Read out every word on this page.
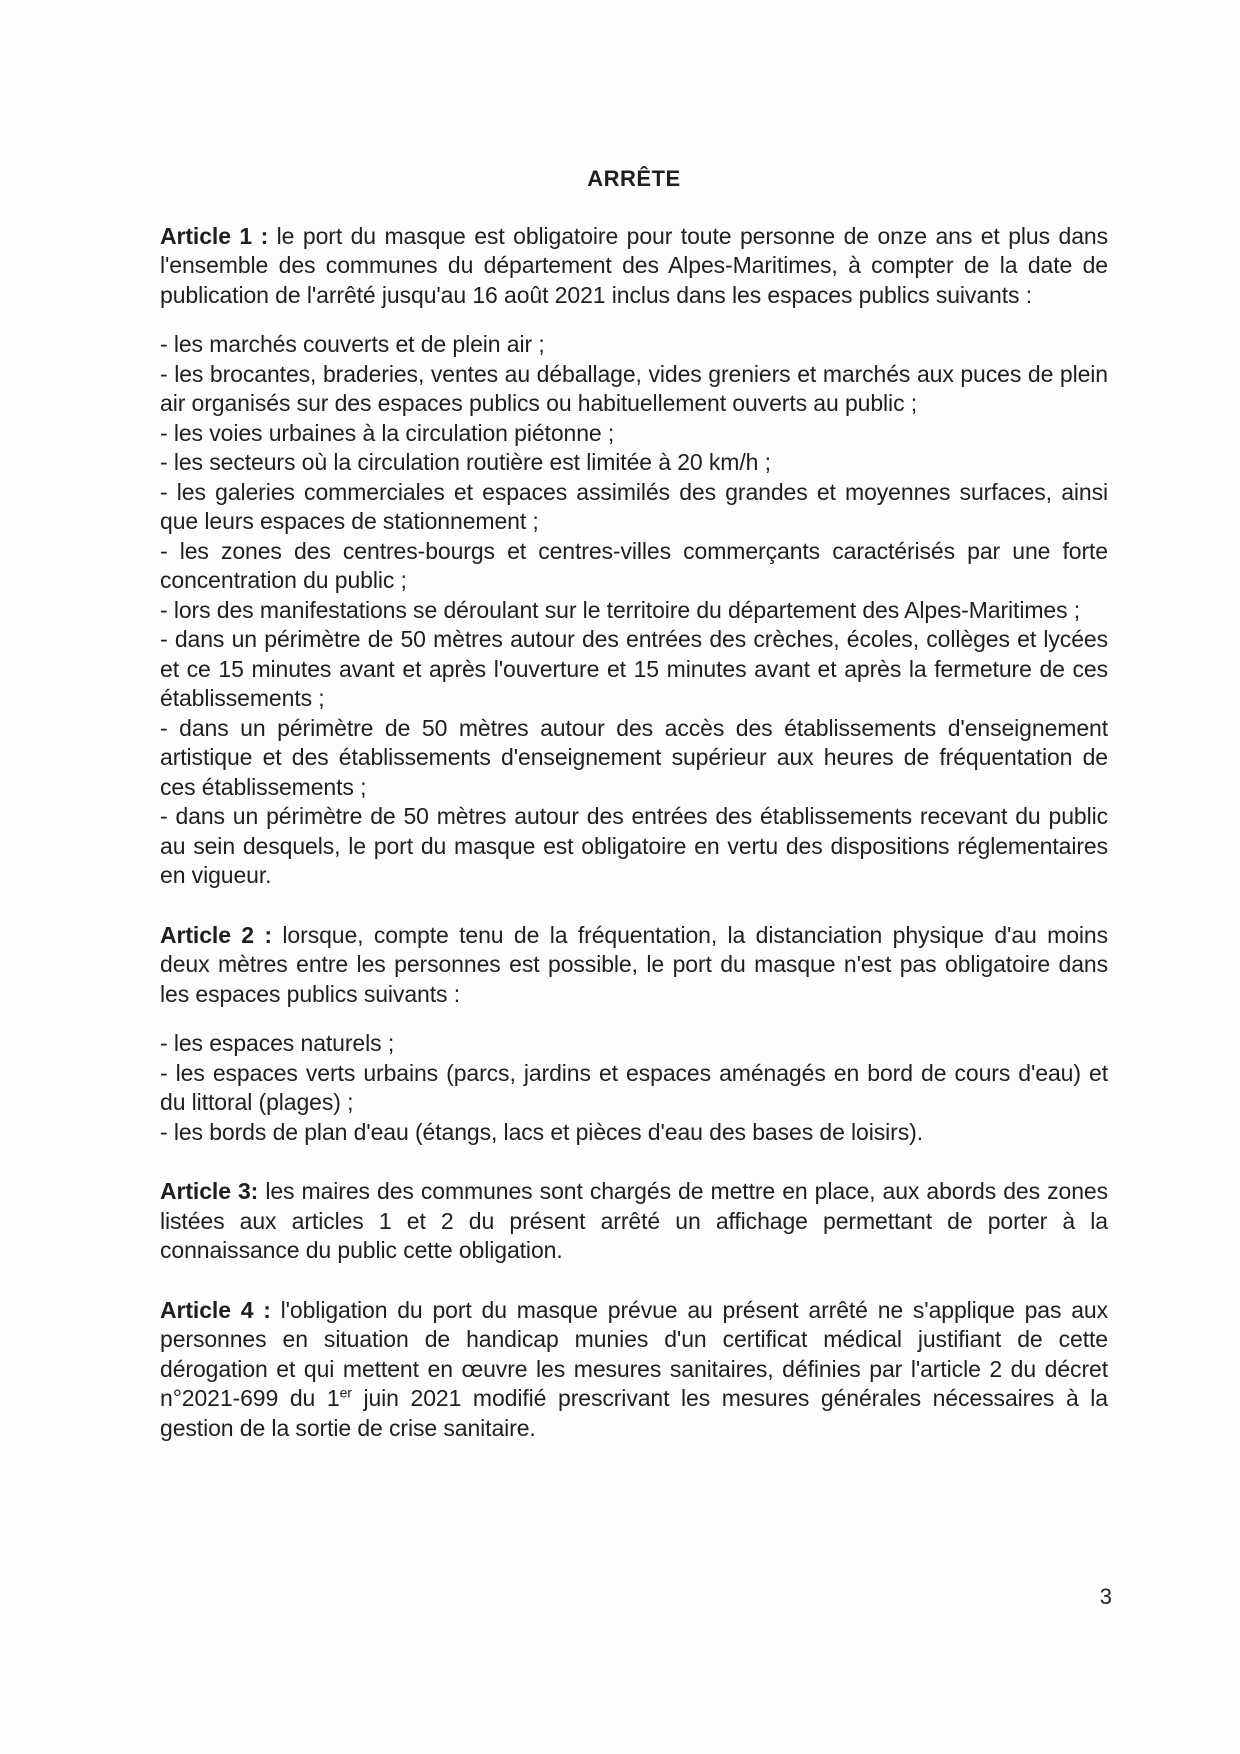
ARRÊTE

Article 1 : le port du masque est obligatoire pour toute personne de onze ans et plus dans l'ensemble des communes du département des Alpes-Maritimes, à compter de la date de publication de l'arrêté jusqu'au 16 août 2021 inclus dans les espaces publics suivants :

- les marchés couverts et de plein air ;
- les brocantes, braderies, ventes au déballage, vides greniers et marchés aux puces de plein air organisés sur des espaces publics ou habituellement ouverts au public ;
- les voies urbaines à la circulation piétonne ;
- les secteurs où la circulation routière est limitée à 20 km/h ;
- les galeries commerciales et espaces assimilés des grandes et moyennes surfaces, ainsi que leurs espaces de stationnement ;
- les zones des centres-bourgs et centres-villes commerçants caractérisés par une forte concentration du public ;
- lors des manifestations se déroulant sur le territoire du département des Alpes-Maritimes ;
- dans un périmètre de 50 mètres autour des entrées des crèches, écoles, collèges et lycées et ce 15 minutes avant et après l'ouverture et 15 minutes avant et après la fermeture de ces établissements ;
- dans un périmètre de 50 mètres autour des accès des établissements d'enseignement artistique et des établissements d'enseignement supérieur aux heures de fréquentation de ces établissements ;
- dans un périmètre de 50 mètres autour des entrées des établissements recevant du public au sein desquels, le port du masque est obligatoire en vertu des dispositions réglementaires en vigueur.

Article 2 : lorsque, compte tenu de la fréquentation, la distanciation physique d'au moins deux mètres entre les personnes est possible, le port du masque n'est pas obligatoire dans les espaces publics suivants :

- les espaces naturels ;
- les espaces verts urbains (parcs, jardins et espaces aménagés en bord de cours d'eau) et du littoral (plages) ;
- les bords de plan d'eau (étangs, lacs et pièces d'eau des bases de loisirs).

Article 3: les maires des communes sont chargés de mettre en place, aux abords des zones listées aux articles 1 et 2 du présent arrêté un affichage permettant de porter à la connaissance du public cette obligation.

Article 4 : l'obligation du port du masque prévue au présent arrêté ne s'applique pas aux personnes en situation de handicap munies d'un certificat médical justifiant de cette dérogation et qui mettent en œuvre les mesures sanitaires, définies par l'article 2 du décret n°2021-699 du 1er juin 2021 modifié prescrivant les mesures générales nécessaires à la gestion de la sortie de crise sanitaire.

3
